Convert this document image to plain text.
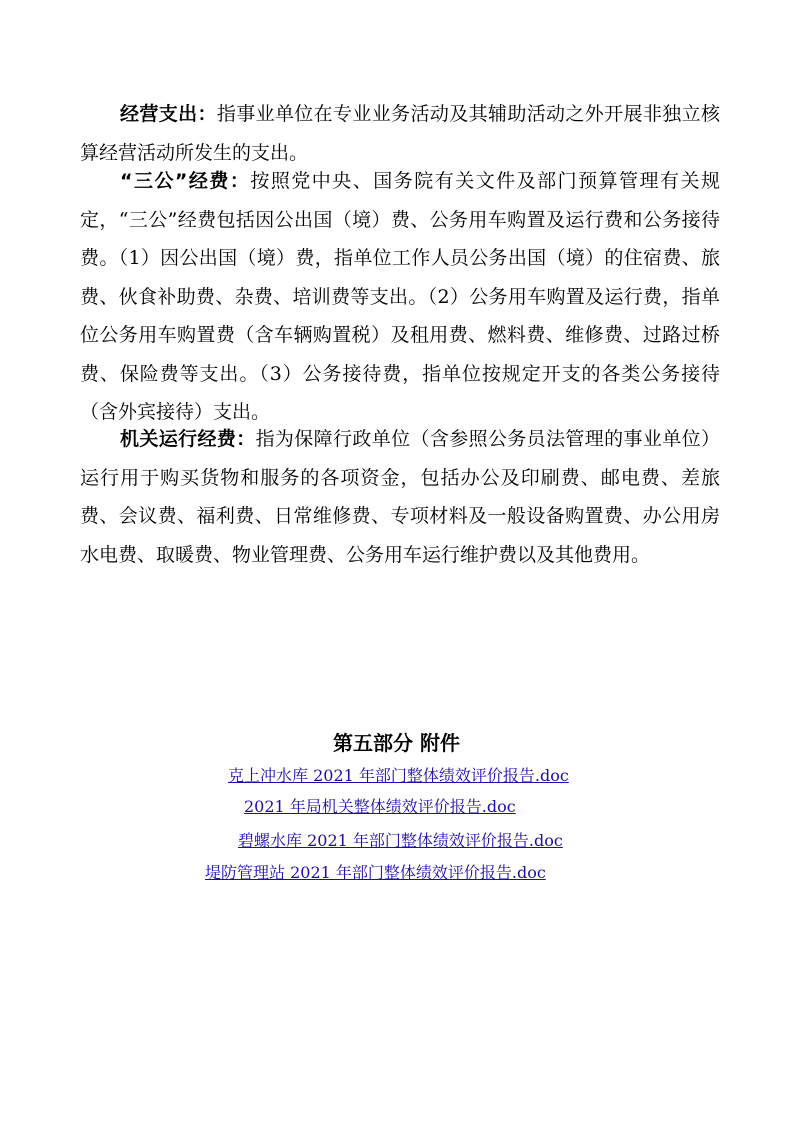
经营支出：指事业单位在专业业务活动及其辅助活动之外开展非独立核算经营活动所发生的支出。

“三公”经费：按照党中央、国务院有关文件及部门预算管理有关规定，“三公”经费包括因公出国（境）费、公务用车购置及运行费和公务接待费。（1）因公出国（境）费，指单位工作人员公务出国（境）的住宿费、旅费、伙食补助费、杂费、培训费等支出。（2）公务用车购置及运行费，指单位公务用车购置费（含车辆购置税）及租用费、燃料费、维修费、过路过桥费、保险费等支出。（3）公务接待费，指单位按规定开支的各类公务接待（含外宾接待）支出。

机关运行经费：指为保障行政单位（含参照公务员法管理的事业单位）运行用于购买货物和服务的各项资金，包括办公及印刷费、邮电费、差旅费、会议费、福利费、日常维修费、专项材料及一般设备购置费、办公用房水电费、取暖费、物业管理费、公务用车运行维护费以及其他费用。

第五部分 附件
克上冲水库 2021 年部门整体绩效评价报告.doc
2021 年局机关整体绩效评价报告.doc
碧螺水库 2021 年部门整体绩效评价报告.doc
堤防管理站 2021 年部门整体绩效评价报告.doc
